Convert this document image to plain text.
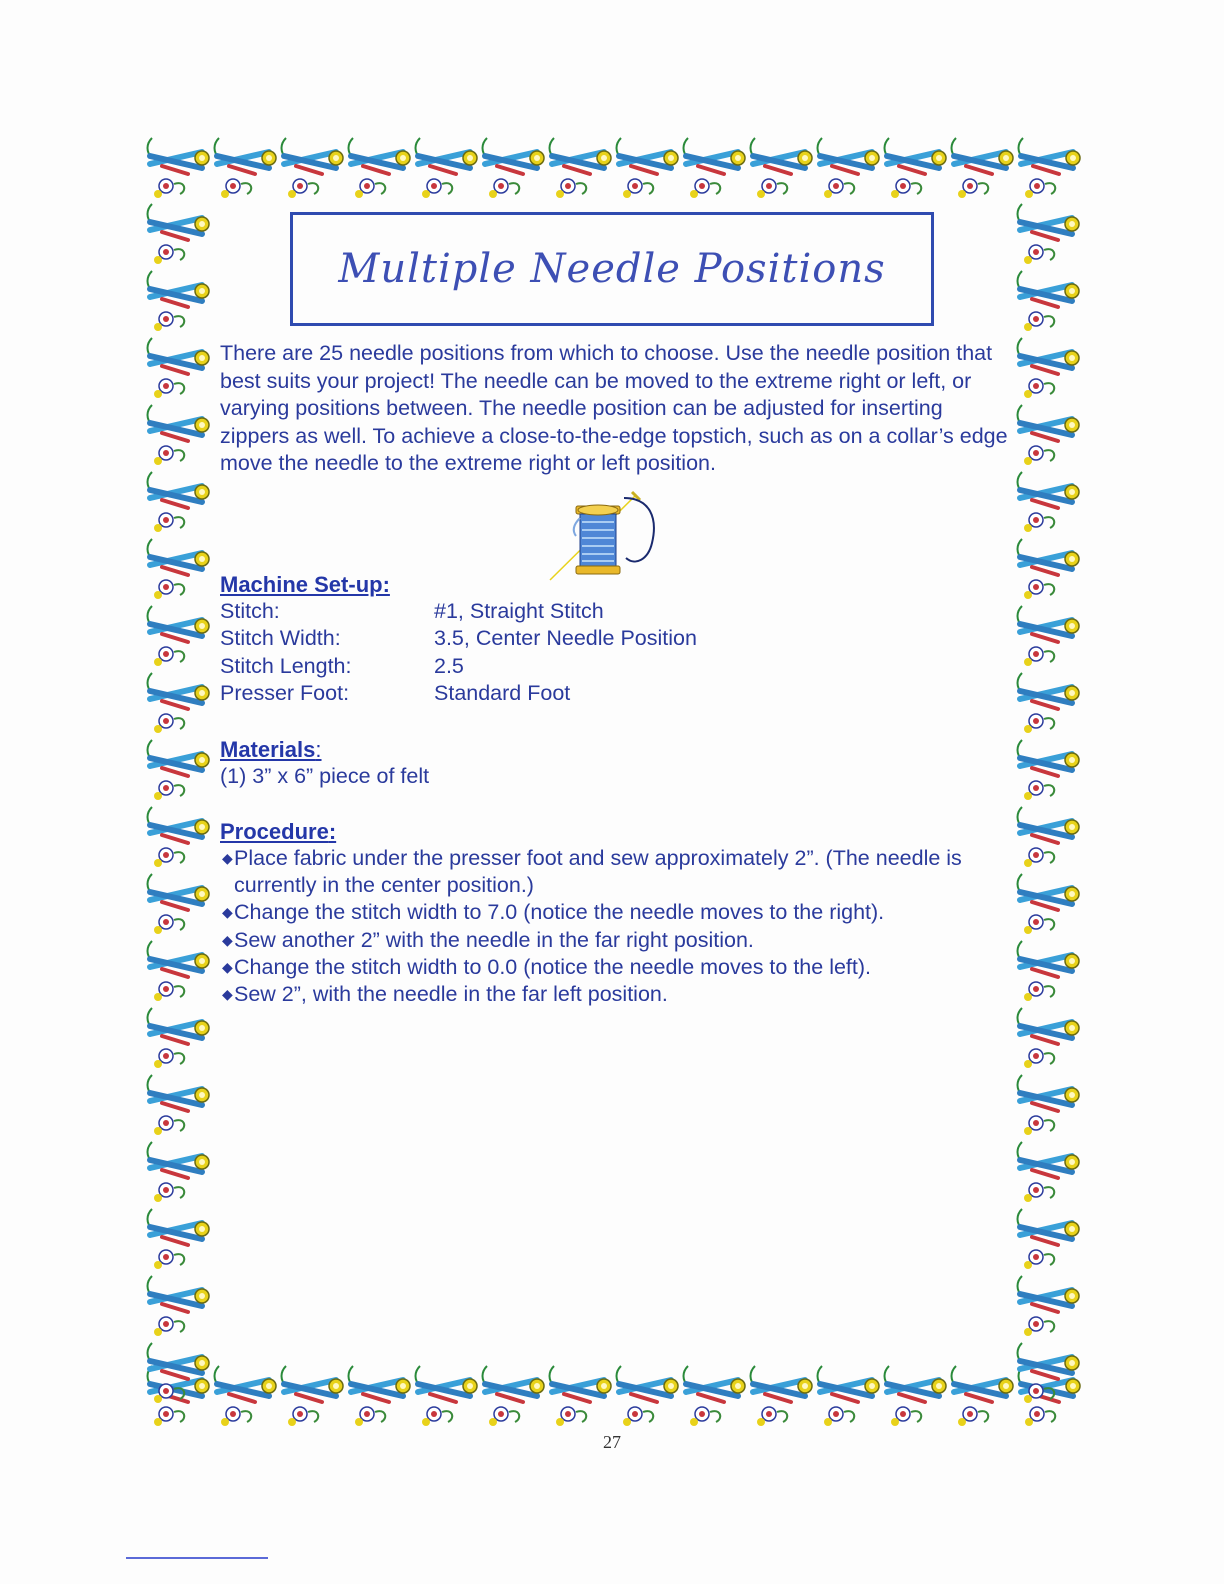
Multiple Needle Positions
There are 25 needle positions from which to choose. Use the needle position that best suits your project! The needle can be moved to the extreme right or left, or varying positions between. The needle position can be adjusted for inserting zippers as well. To achieve a close-to-the-edge topstich, such as on a collar’s edge move the needle to the extreme right or left position.
Machine Set-up:
Stitch:	#1, Straight Stitch
Stitch Width:	3.5, Center Needle Position
Stitch Length:	2.5
Presser Foot:	Standard Foot
Materials:
(1) 3” x 6” piece of felt
Procedure:
◆ Place fabric under the presser foot and sew approximately 2”. (The needle is currently in the center position.)
◆ Change the stitch width to 7.0 (notice the needle moves to the right).
◆ Sew another 2” with the needle in the far right position.
◆ Change the stitch width to 0.0 (notice the needle moves to the left).
◆ Sew 2”, with the needle in the far left position.
27
